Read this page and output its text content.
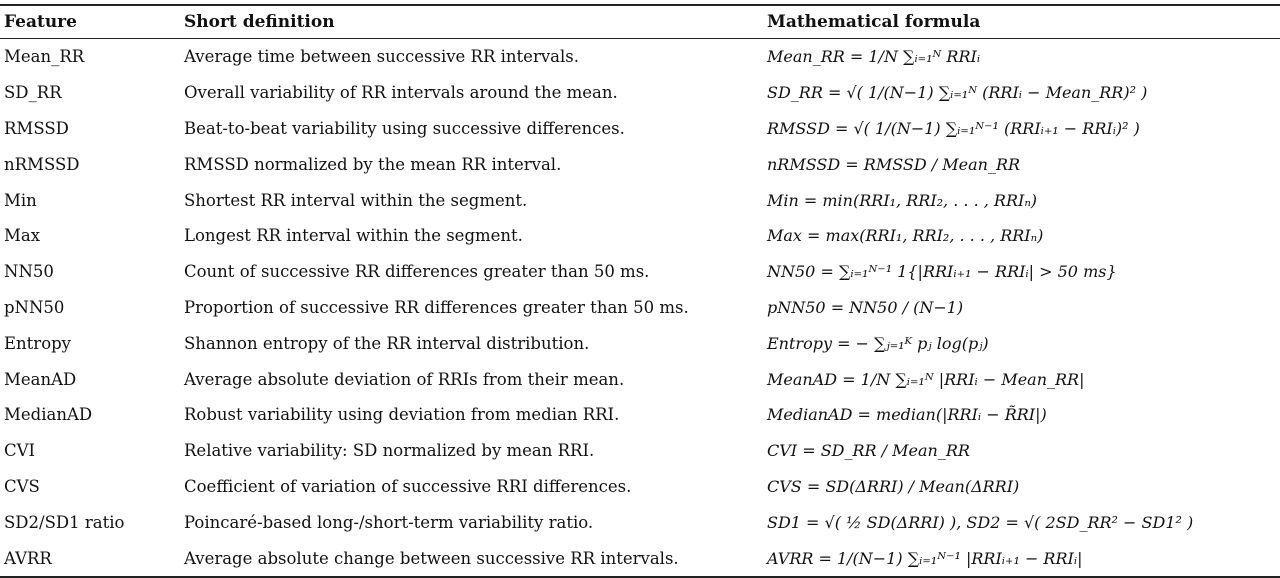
Feature	Short definition	Mathematical formula
Mean_RR	Average time between successive RR intervals.	Mean_RR = 1/N ∑ᵢ₌₁ᴺ RRIᵢ
SD_RR	Overall variability of RR intervals around the mean.	SD_RR = √( 1/(N−1) ∑ᵢ₌₁ᴺ (RRIᵢ − Mean_RR)² )
RMSSD	Beat-to-beat variability using successive differences.	RMSSD = √( 1/(N−1) ∑ᵢ₌₁ᴺ⁻¹ (RRIᵢ₊₁ − RRIᵢ)² )
nRMSSD	RMSSD normalized by the mean RR interval.	nRMSSD = RMSSD / Mean_RR
Min	Shortest RR interval within the segment.	Min = min(RRI₁, RRI₂, . . . , RRIₙ)
Max	Longest RR interval within the segment.	Max = max(RRI₁, RRI₂, . . . , RRIₙ)
NN50	Count of successive RR differences greater than 50 ms.	NN50 = ∑ᵢ₌₁ᴺ⁻¹ 1{|RRIᵢ₊₁ − RRIᵢ| > 50 ms}
pNN50	Proportion of successive RR differences greater than 50 ms.	pNN50 = NN50 / (N−1)
Entropy	Shannon entropy of the RR interval distribution.	Entropy = − ∑ⱼ₌₁ᴷ pⱼ log(pⱼ)
MeanAD	Average absolute deviation of RRIs from their mean.	MeanAD = 1/N ∑ᵢ₌₁ᴺ |RRIᵢ − Mean_RR|
MedianAD	Robust variability using deviation from median RRI.	MedianAD = median(|RRIᵢ − R̃RI|)
CVI	Relative variability: SD normalized by mean RRI.	CVI = SD_RR / Mean_RR
CVS	Coefficient of variation of successive RRI differences.	CVS = SD(ΔRRI) / Mean(ΔRRI)
SD2/SD1 ratio	Poincaré-based long-/short-term variability ratio.	SD1 = √( ½ SD(ΔRRI) ), SD2 = √( 2SD_RR² − SD1² )
AVRR	Average absolute change between successive RR intervals.	AVRR = 1/(N−1) ∑ᵢ₌₁ᴺ⁻¹ |RRIᵢ₊₁ − RRIᵢ|
